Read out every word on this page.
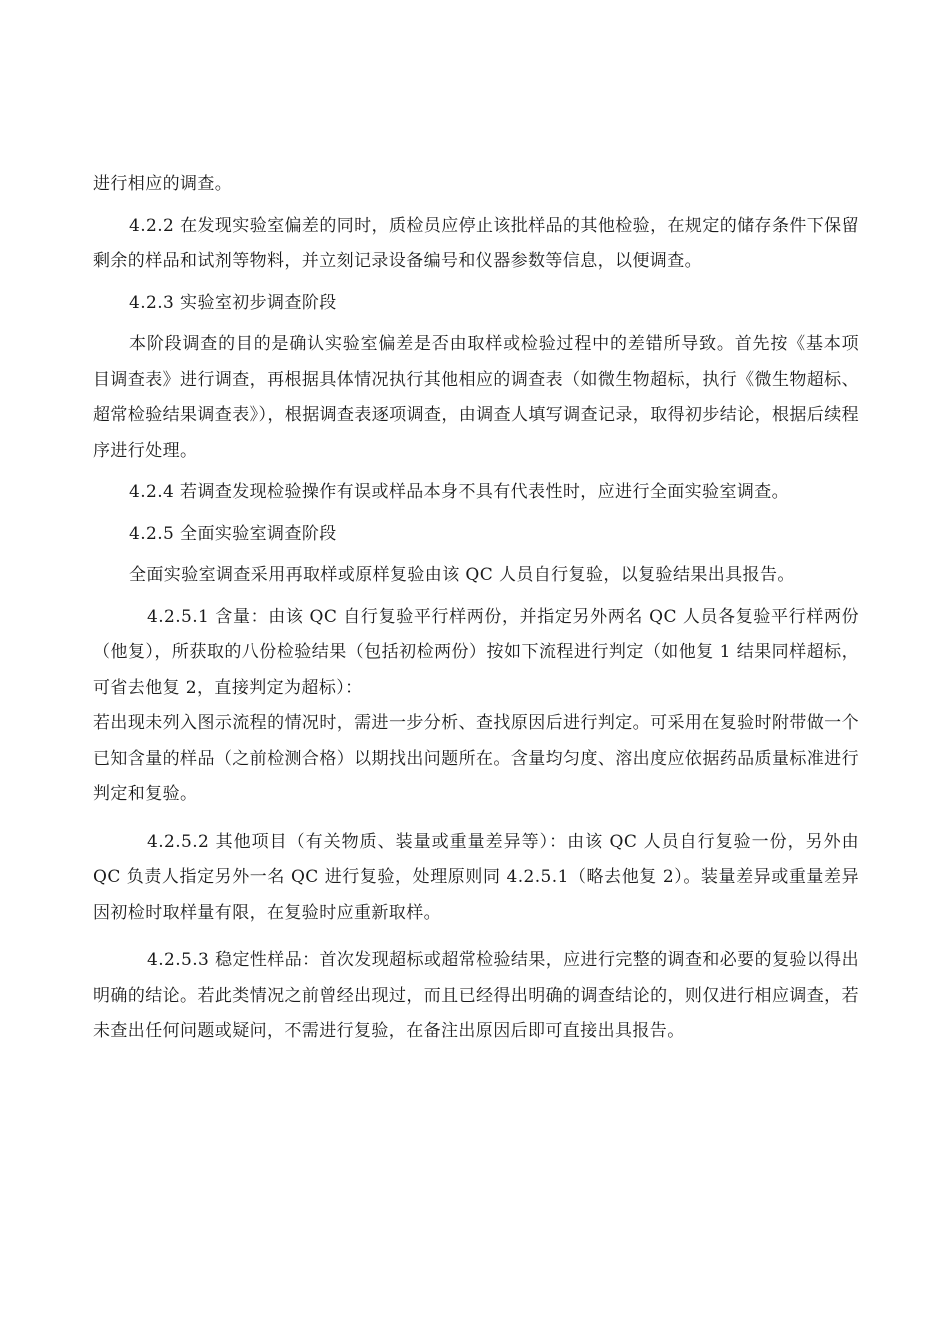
进行相应的调查。

4.2.2 在发现实验室偏差的同时，质检员应停止该批样品的其他检验，在规定的储存条件下保留剩余的样品和试剂等物料，并立刻记录设备编号和仪器参数等信息，以便调查。

4.2.3 实验室初步调查阶段

本阶段调查的目的是确认实验室偏差是否由取样或检验过程中的差错所导致。首先按《基本项目调查表》进行调查，再根据具体情况执行其他相应的调查表（如微生物超标，执行《微生物超标、超常检验结果调查表》），根据调查表逐项调查，由调查人填写调查记录，取得初步结论，根据后续程序进行处理。

4.2.4 若调查发现检验操作有误或样品本身不具有代表性时，应进行全面实验室调查。

4.2.5 全面实验室调查阶段

全面实验室调查采用再取样或原样复验由该 QC 人员自行复验，以复验结果出具报告。

4.2.5.1 含量：由该 QC 自行复验平行样两份，并指定另外两名 QC 人员各复验平行样两份（他复），所获取的八份检验结果（包括初检两份）按如下流程进行判定（如他复 1 结果同样超标，可省去他复 2，直接判定为超标）：

若出现未列入图示流程的情况时，需进一步分析、查找原因后进行判定。可采用在复验时附带做一个已知含量的样品（之前检测合格）以期找出问题所在。含量均匀度、溶出度应依据药品质量标准进行判定和复验。

4.2.5.2 其他项目（有关物质、装量或重量差异等）：由该 QC 人员自行复验一份，另外由 QC 负责人指定另外一名 QC 进行复验，处理原则同 4.2.5.1（略去他复 2）。装量差异或重量差异因初检时取样量有限，在复验时应重新取样。

4.2.5.3 稳定性样品：首次发现超标或超常检验结果，应进行完整的调查和必要的复验以得出明确的结论。若此类情况之前曾经出现过，而且已经得出明确的调查结论的，则仅进行相应调查，若未查出任何问题或疑问，不需进行复验，在备注出原因后即可直接出具报告。
